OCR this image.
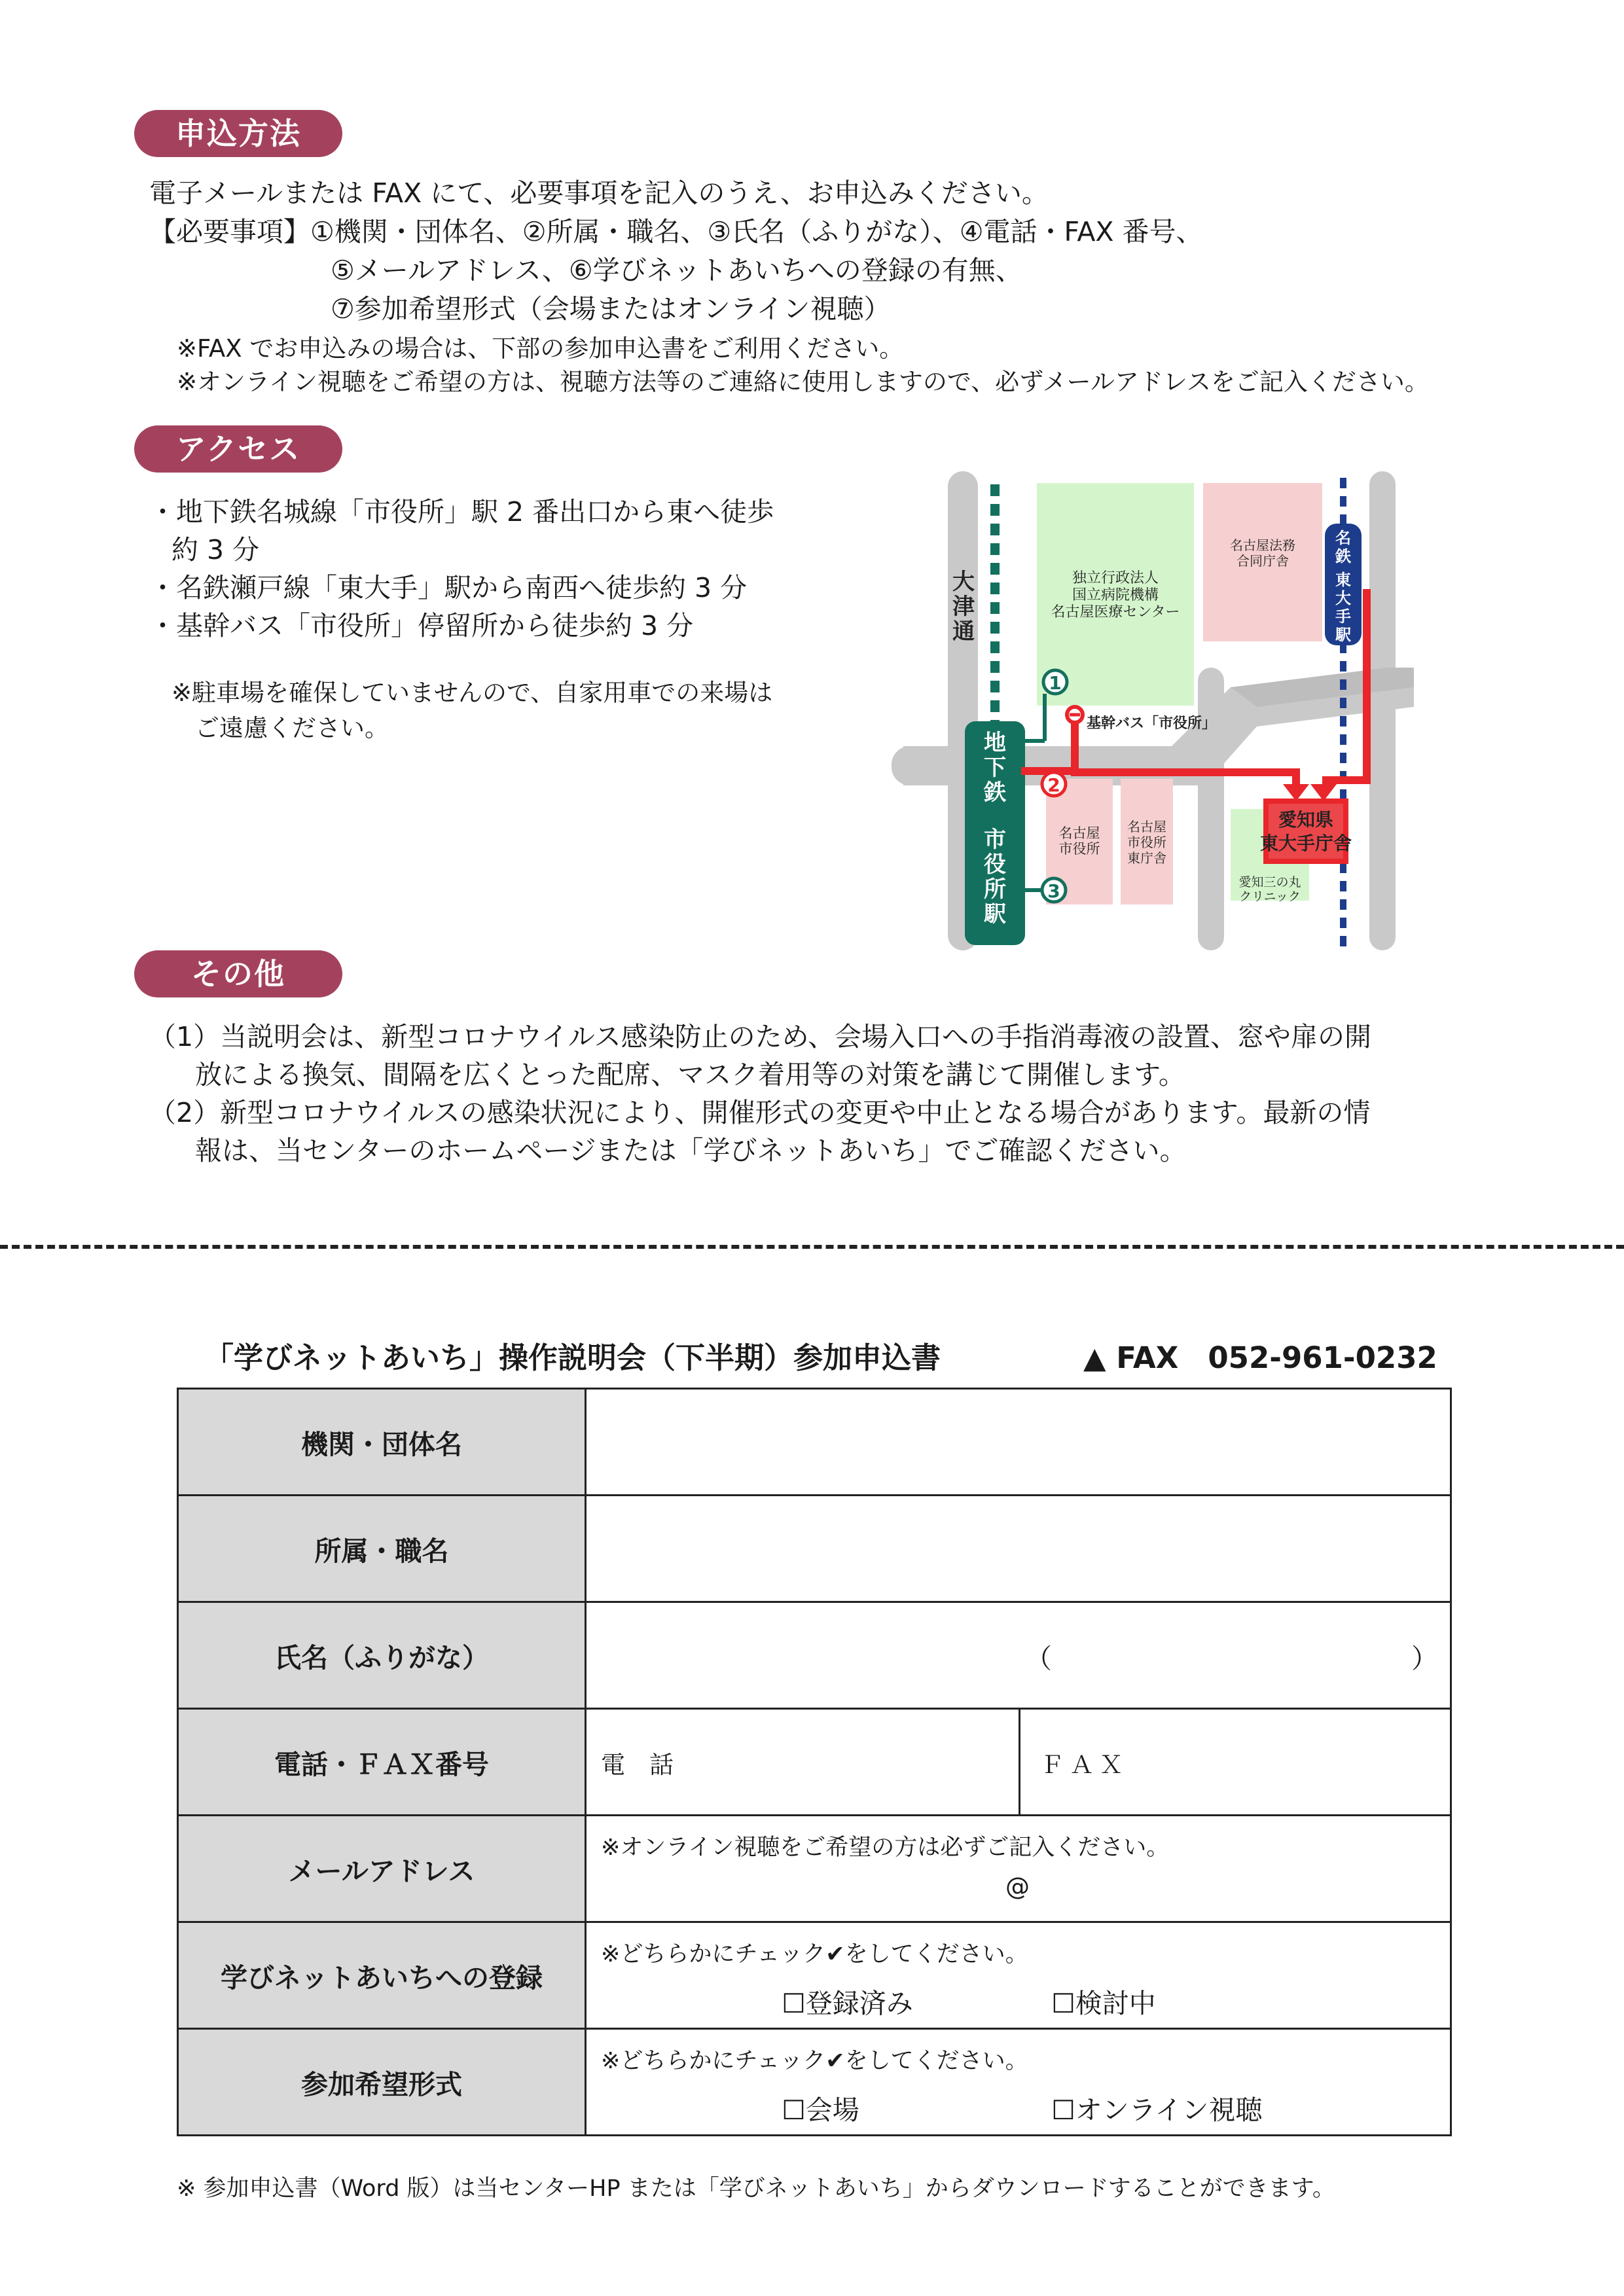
申込方法
電子メールまたは FAX にて、必要事項を記入のうえ、お申込みください。
【必要事項】①機関・団体名、②所属・職名、③氏名（ふりがな）、④電話・FAX 番号、
⑤メールアドレス、⑥学びネットあいちへの登録の有無、
⑦参加希望形式（会場またはオンライン視聴）
※FAX でお申込みの場合は、下部の参加申込書をご利用ください。
※オンライン視聴をご希望の方は、視聴方法等のご連絡に使用しますので、必ずメールアドレスをご記入ください。
アクセス
・地下鉄名城線「市役所」駅 2 番出口から東へ徒歩
約 3 分
・名鉄瀬戸線「東大手」駅から南西へ徒歩約 3 分
・基幹バス「市役所」停留所から徒歩約 3 分
※駐車場を確保していませんので、自家用車での来場は
ご遠慮ください。
1
2
3
大
津
通
地
下
鉄
市
役
所
駅
名
鉄
東
大
手
駅
独立行政法人
国立病院機構
名古屋医療センター
名古屋法務
合同庁舎
基幹バス「市役所」
名古屋
市役所
名古屋
市役所
東庁舎
愛知県
東大手庁舎
愛知三の丸
クリニック
その他
（1）当説明会は、新型コロナウイルス感染防止のため、会場入口への手指消毒液の設置、窓や扉の開
放による換気、間隔を広くとった配席、マスク着用等の対策を講じて開催します。
（2）新型コロナウイルスの感染状況により、開催形式の変更や中止となる場合があります。最新の情
報は、当センターのホームページまたは「学びネットあいち」でご確認ください。
「学びネットあいち」操作説明会（下半期）参加申込書	▲ FAX　052-961-0232
機関・団体名	

所属・職名	

氏名（ふりがな）	（ ）

電話・ＦＡＸ番号	電　話 ＦＡＸ

メールアドレス	※オンライン視聴をご希望の方は必ずご記入ください。
@

学びネットあいちへの登録	※どちらかにチェック✔をしてください。
☐登録済み ☐検討中

参加希望形式	※どちらかにチェック✔をしてください。
☐会場 ☐オンライン視聴
※ 参加申込書（Word 版）は当センターHP または「学びネットあいち」からダウンロードすることができます。
